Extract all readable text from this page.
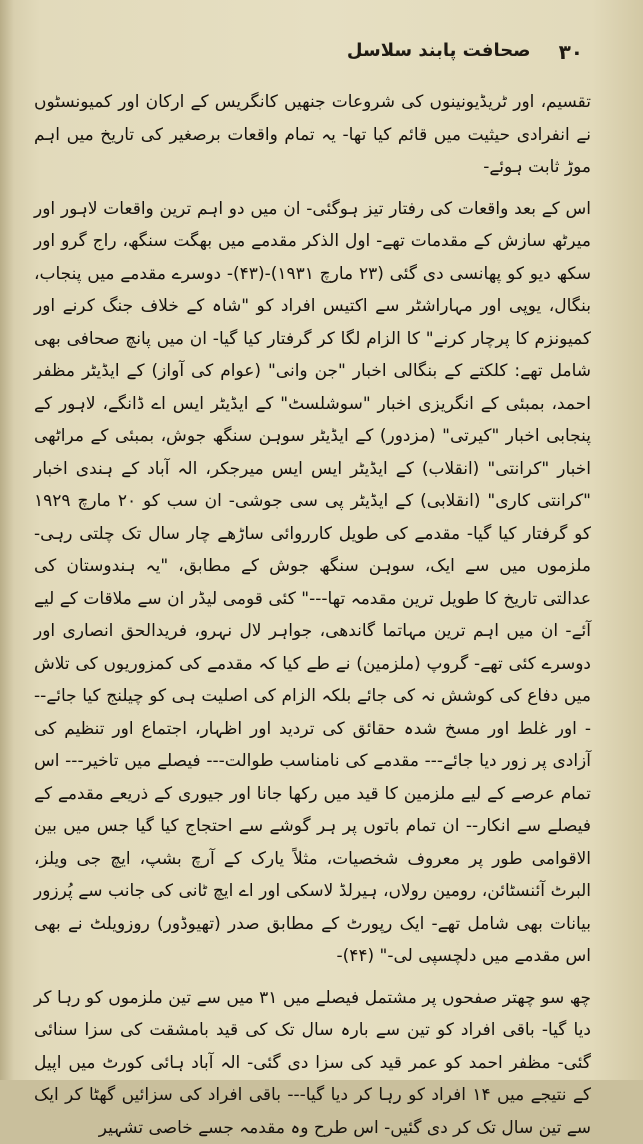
۳۰
صحافت پابند سلاسل

تقسیم، اور ٹریڈیونینوں کی شروعات جنھیں کانگریس کے ارکان اور کمیونسٹوں نے انفرادی حیثیت میں قائم کیا تھا- یہ تمام واقعات برصغیر کی تاریخ میں اہم موڑ ثابت ہوئے-

اس کے بعد واقعات کی رفتار تیز ہوگئی- ان میں دو اہم ترین واقعات لاہور اور میرٹھ سازش کے مقدمات تھے- اول الذکر مقدمے میں بھگت سنگھ، راج گرو اور سکھ دیو کو پھانسی دی گئی (۲۳ مارچ ۱۹۳۱)-(۴۳)- دوسرے مقدمے میں پنجاب، بنگال، یوپی اور مہاراشٹر سے اکتیس افراد کو "شاہ کے خلاف جنگ کرنے اور کمیونزم کا پرچار کرنے" کا الزام لگا کر گرفتار کیا گیا- ان میں پانچ صحافی بھی شامل تھے: کلکتے کے بنگالی اخبار "جن وانی" (عوام کی آواز) کے ایڈیٹر مظفر احمد، بمبئی کے انگریزی اخبار "سوشلسٹ" کے ایڈیٹر ایس اے ڈانگے، لاہور کے پنجابی اخبار "کیرتی" (مزدور) کے ایڈیٹر سوہن سنگھ جوش، بمبئی کے مراٹھی اخبار "کرانتی" (انقلاب) کے ایڈیٹر ایس ایس میرجکر، الہ آباد کے ہندی اخبار "کرانتی کاری" (انقلابی) کے ایڈیٹر پی سی جوشی- ان سب کو ۲۰ مارچ ۱۹۲۹ کو گرفتار کیا گیا- مقدمے کی طویل کارروائی ساڑھے چار سال تک چلتی رہی- ملزموں میں سے ایک، سوہن سنگھ جوش کے مطابق، "یہ ہندوستان کی عدالتی تاریخ کا طویل ترین مقدمہ تھا---" کئی قومی لیڈر ان سے ملاقات کے لیے آئے- ان میں اہم ترین مہاتما گاندھی، جواہر لال نہرو، فریدالحق انصاری اور دوسرے کئی تھے- گروپ (ملزمین) نے طے کیا کہ مقدمے کی کمزوریوں کی تلاش میں دفاع کی کوشش نہ کی جائے بلکہ الزام کی اصلیت ہی کو چیلنج کیا جائے--- اور غلط اور مسخ شدہ حقائق کی تردید اور اظہار، اجتماع اور تنظیم کی آزادی پر زور دیا جائے--- مقدمے کی نامناسب طوالت--- فیصلے میں تاخیر--- اس تمام عرصے کے لیے ملزمین کا قید میں رکھا جانا اور جیوری کے ذریعے مقدمے کے فیصلے سے انکار-- ان تمام باتوں پر ہر گوشے سے احتجاج کیا گیا جس میں بین الاقوامی طور پر معروف شخصیات، مثلاً یارک کے آرچ بشپ، ایچ جی ویلز، البرٹ آئنسٹائن، رومین رولاں، ہیرلڈ لاسکی اور اے ایچ ٹانی کی جانب سے پُرزور بیانات بھی شامل تھے- ایک رپورٹ کے مطابق صدر (تھیوڈور) روزویلٹ نے بھی اس مقدمے میں دلچسپی لی-" (۴۴)-

چھ سو چھتر صفحوں پر مشتمل فیصلے میں ۳۱ میں سے تین ملزموں کو رہا کر دیا گیا- باقی افراد کو تین سے بارہ سال تک کی قید بامشقت کی سزا سنائی گئی- مظفر احمد کو عمر قید کی سزا دی گئی- الہ آباد ہائی کورٹ میں اپیل کے نتیجے میں ۱۴ افراد کو رہا کر دیا گیا--- باقی افراد کی سزائیں گھٹا کر ایک سے تین سال تک کر دی گئیں- اس طرح وہ مقدمہ جسے خاصی تشہیر
